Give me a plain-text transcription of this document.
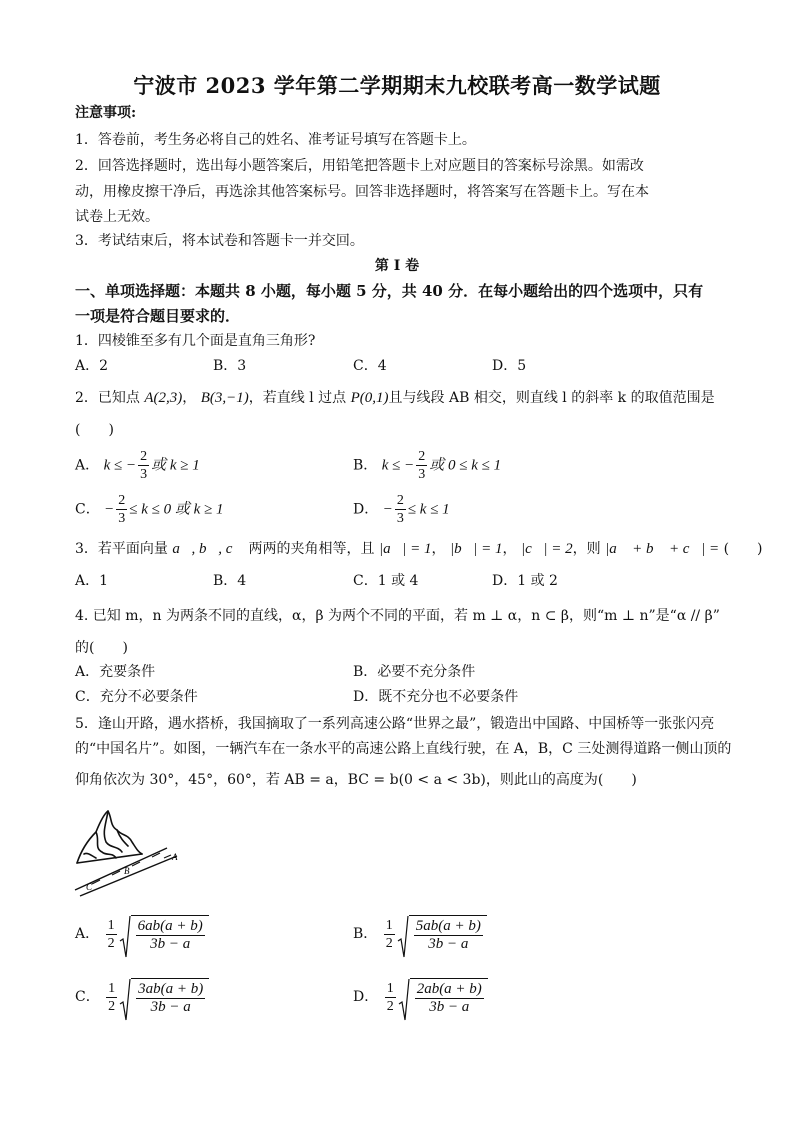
宁波市 2023 学年第二学期期末九校联考高一数学试题
注意事项:
1．答卷前，考生务必将自己的姓名、准考证号填写在答题卡上。
2．回答选择题时，选出每小题答案后，用铅笔把答题卡上对应题目的答案标号涂黑。如需改
动，用橡皮擦干净后，再选涂其他答案标号。回答非选择题时，将答案写在答题卡上。写在本
试卷上无效。
3．考试结束后，将本试卷和答题卡一并交回。
第 I 卷
一、单项选择题：本题共 8 小题，每小题 5 分，共 40 分．在每小题给出的四个选项中，只有
一项是符合题目要求的．
1．四棱锥至多有几个面是直角三角形?
A．2	B．3	C．4	D．5
2．已知点 A(2,3)， B(3,−1)，若直线 l 过点 P(0,1)且与线段 AB 相交，则直线 l 的斜率 k 的取值范围是
(　　)
A． k ≤ − $\frac{2}{3}$ 或 k ≥ 1	B． k ≤ − $\frac{2}{3}$ 或 0 ≤ k ≤ 1
C． − $\frac{2}{3} \le k \le 0$ 或 k ≥ 1	D． − $\frac{2}{3} \le k \le 1$
3．若平面向量 a⃗, b⃗, c⃗ 两两的夹角相等，且 |a⃗| = 1， |b⃗| = 1， |c⃗| = 2，则 |a⃗ + b⃗ + c⃗| = (　　)
A．1	B．4	C．1 或 4	D．1 或 2
4. 已知 m，n 为两条不同的直线，α，β 为两个不同的平面，若 m ⊥ α，n ⊂ β，则“m ⊥ n”是“α // β”
的(　　)
A．充要条件	B．必要不充分条件
C．充分不必要条件	D．既不充分也不必要条件
5．逢山开路，遇水搭桥，我国摘取了一系列高速公路“世界之最”，锻造出中国路、中国桥等一张张闪亮
的“中国名片”。如图，一辆汽车在一条水平的高速公路上直线行驶，在 A，B，C 三处测得道路一侧山顶的
仰角依次为 30°，45°，60°，若 AB = a，BC = b(0 < a < 3b)，则此山的高度为(　　)
C
B
A
A． $\frac{1}{2} \frac{6ab(a + b)}{3b - a}$	B． $\frac{1}{2} \frac{5ab(a + b)}{3b - a}$
C． $\frac{1}{2} \frac{3ab(a + b)}{3b - a}$	D． $\frac{1}{2} \frac{2ab(a + b)}{3b - a}$
